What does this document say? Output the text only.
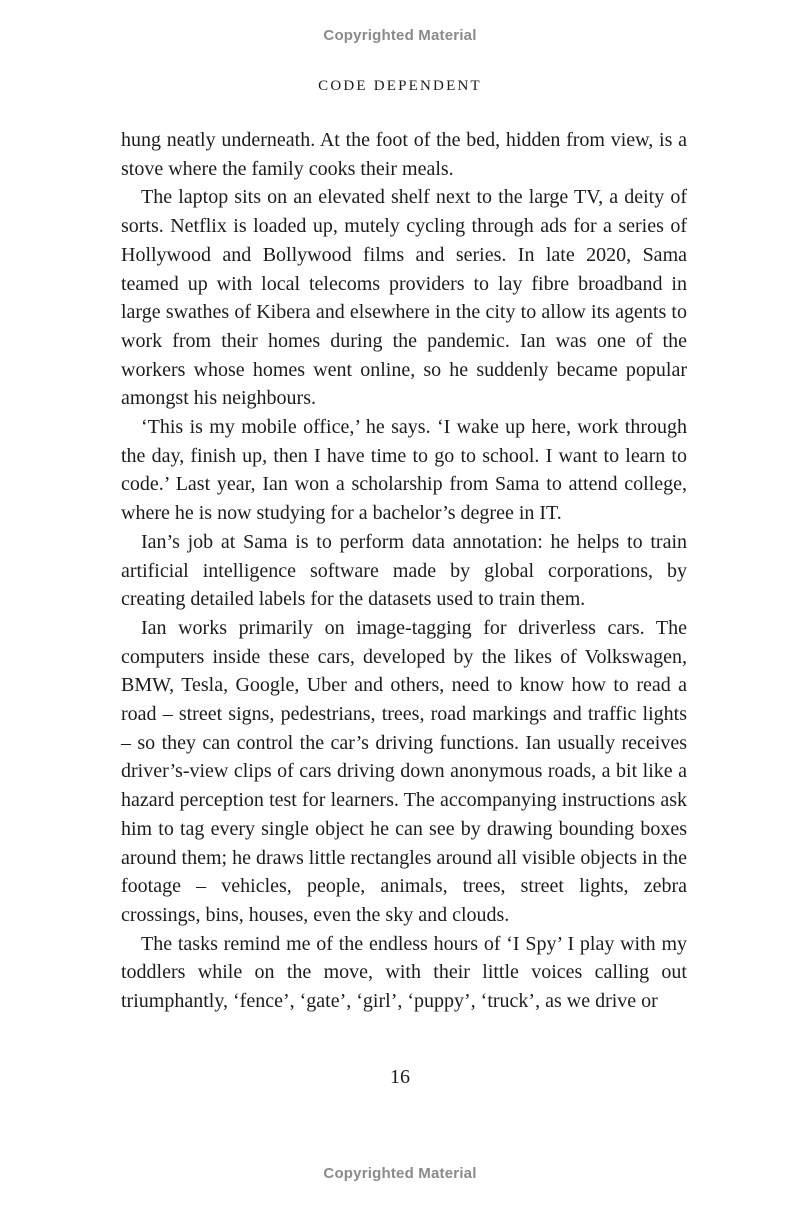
Copyrighted Material
CODE DEPENDENT

hung neatly underneath. At the foot of the bed, hidden from view, is a stove where the family cooks their meals.

The laptop sits on an elevated shelf next to the large TV, a deity of sorts. Netflix is loaded up, mutely cycling through ads for a series of Hollywood and Bollywood films and series. In late 2020, Sama teamed up with local telecoms providers to lay fibre broadband in large swathes of Kibera and elsewhere in the city to allow its agents to work from their homes during the pandemic. Ian was one of the workers whose homes went online, so he suddenly became popular amongst his neighbours.

‘This is my mobile office,’ he says. ‘I wake up here, work through the day, finish up, then I have time to go to school. I want to learn to code.’ Last year, Ian won a scholarship from Sama to attend college, where he is now studying for a bachelor’s degree in IT.

Ian’s job at Sama is to perform data annotation: he helps to train artificial intelligence software made by global corporations, by creating detailed labels for the datasets used to train them.

Ian works primarily on image-tagging for driverless cars. The computers inside these cars, developed by the likes of Volkswagen, BMW, Tesla, Google, Uber and others, need to know how to read a road – street signs, pedestrians, trees, road markings and traffic lights – so they can control the car’s driving functions. Ian usually receives driver’s-view clips of cars driving down anonymous roads, a bit like a hazard perception test for learners. The accompanying instructions ask him to tag every single object he can see by drawing bounding boxes around them; he draws little rectangles around all visible objects in the footage – vehicles, people, animals, trees, street lights, zebra crossings, bins, houses, even the sky and clouds.

The tasks remind me of the endless hours of ‘I Spy’ I play with my toddlers while on the move, with their little voices calling out triumphantly, ‘fence’, ‘gate’, ‘girl’, ‘puppy’, ‘truck’, as we drive or

16
Copyrighted Material
